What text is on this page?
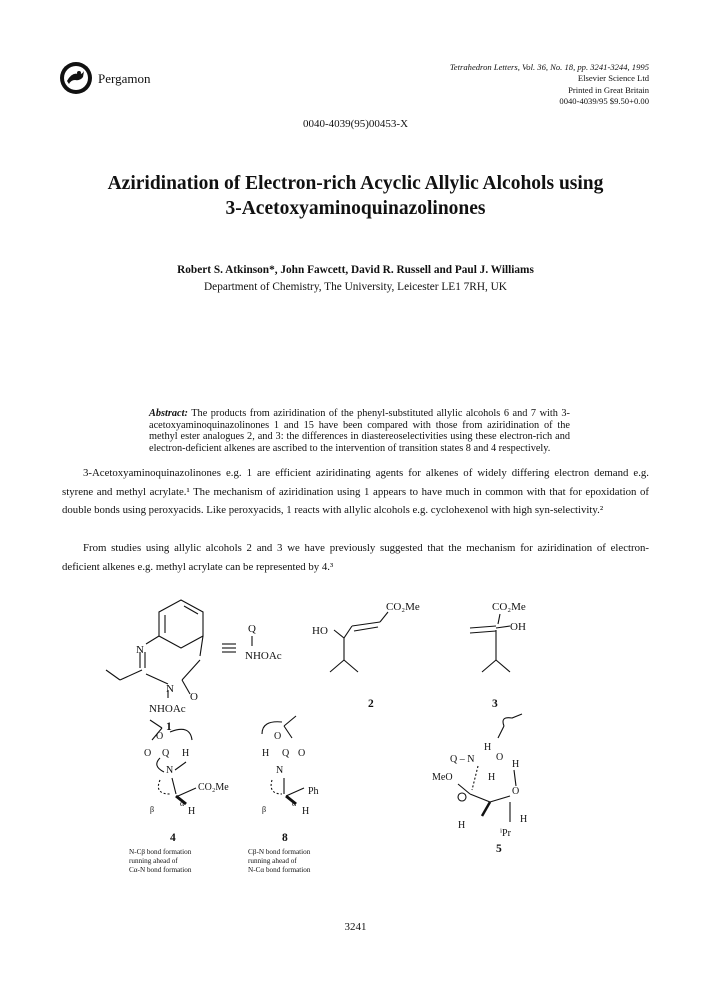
Pergamon
Tetrahedron Letters, Vol. 36, No. 18, pp. 3241-3244, 1995
Elsevier Science Ltd
Printed in Great Britain
0040-4039/95 $9.50+0.00
0040-4039(95)00453-X
Aziridination of Electron-rich Acyclic Allylic Alcohols using
3-Acetoxyaminoquinazolinones
Robert S. Atkinson*, John Fawcett, David R. Russell and Paul J. Williams
Department of Chemistry, The University, Leicester LE1 7RH, UK
Abstract: The products from aziridination of the phenyl-substituted allylic alcohols 6 and 7 with 3-acetoxyaminoquinazolinones 1 and 15 have been compared with those from aziridination of the methyl ester analogues 2, and 3: the differences in diastereoselectivities using these electron-rich and electron-deficient alkenes are ascribed to the intervention of transition states 8 and 4 respectively.
3-Acetoxyaminoquinazolinones e.g. 1 are efficient aziridinating agents for alkenes of widely differing electron demand e.g. styrene and methyl acrylate.¹ The mechanism of aziridination using 1 appears to have much in common with that for epoxidation of double bonds using peroxyacids. Like peroxyacids, 1 reacts with allylic alcohols e.g. cyclohexenol with high syn-selectivity.²
From studies using allylic alcohols 2 and 3 we have previously suggested that the mechanism for aziridination of electron-deficient alkenes e.g. methyl acrylate can be represented by 4.³
N
N
O
NHOAc
1
Q
NHOAc
HO
CO₂Me
2
CO₂Me
OH
3
O
O Q H
N
CO₂Me
β
α
H
4
N-Cβ bond formation
running ahead of
Cα-N bond formation
O
H Q O
N
Ph
β
α
H
8
Cβ-N bond formation
running ahead of
N-Cα bond formation
H
Q – N O
H
MeO	H
O
H
H
ⁱPr
5
3241
